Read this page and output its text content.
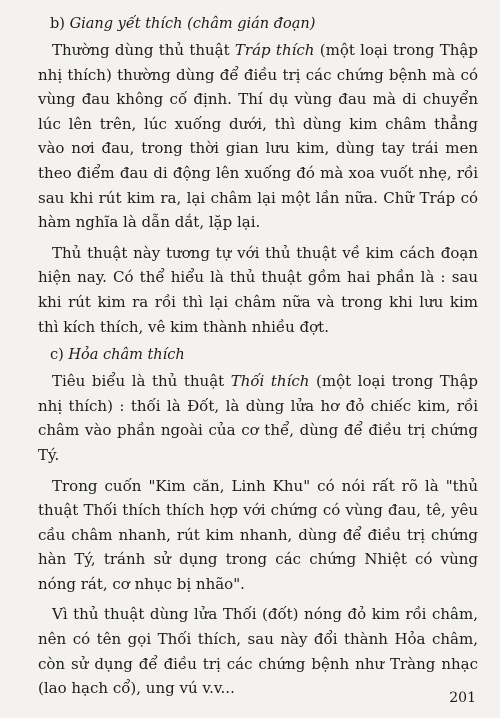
b) Giang yết thích (châm gián đoạn)

Thường dùng thủ thuật Tráp thích (một loại trong Thập nhị thích) thường dùng để điều trị các chứng bệnh mà có vùng đau không cố định. Thí dụ vùng đau mà di chuyển lúc lên trên, lúc xuống dưới, thì dùng kim châm thẳng vào nơi đau, trong thời gian lưu kim, dùng tay trái men theo điểm đau di động lên xuống đó mà xoa vuốt nhẹ, rồi sau khi rút kim ra, lại châm lại một lần nữa. Chữ Tráp có hàm nghĩa là dẫn dắt, lặp lại.

Thủ thuật này tương tự với thủ thuật về kim cách đoạn hiện nay. Có thể hiểu là thủ thuật gồm hai phần là : sau khi rút kim ra rồi thì lại châm nữa và trong khi lưu kim thì kích thích, vê kim thành nhiều đợt.

c) Hỏa châm thích

Tiêu biểu là thủ thuật Thối thích (một loại trong Thập nhị thích) : thối là Đốt, là dùng lửa hơ đỏ chiếc kim, rồi châm vào phần ngoài của cơ thể, dùng để điều trị chứng Tý.

Trong cuốn "Kim căn, Linh Khu" có nói rất rõ là "thủ thuật Thối thích thích hợp với chứng có vùng đau, tê, yêu cầu châm nhanh, rút kim nhanh, dùng để điều trị chứng hàn Tý, tránh sử dụng trong các chứng Nhiệt có vùng nóng rát, cơ nhục bị nhão".

Vì thủ thuật dùng lửa Thối (đốt) nóng đỏ kim rồi châm, nên có tên gọi Thối thích, sau này đổi thành Hỏa châm, còn sử dụng để điều trị các chứng bệnh như Tràng nhạc (lao hạch cổ), ung vú v.v...

201
